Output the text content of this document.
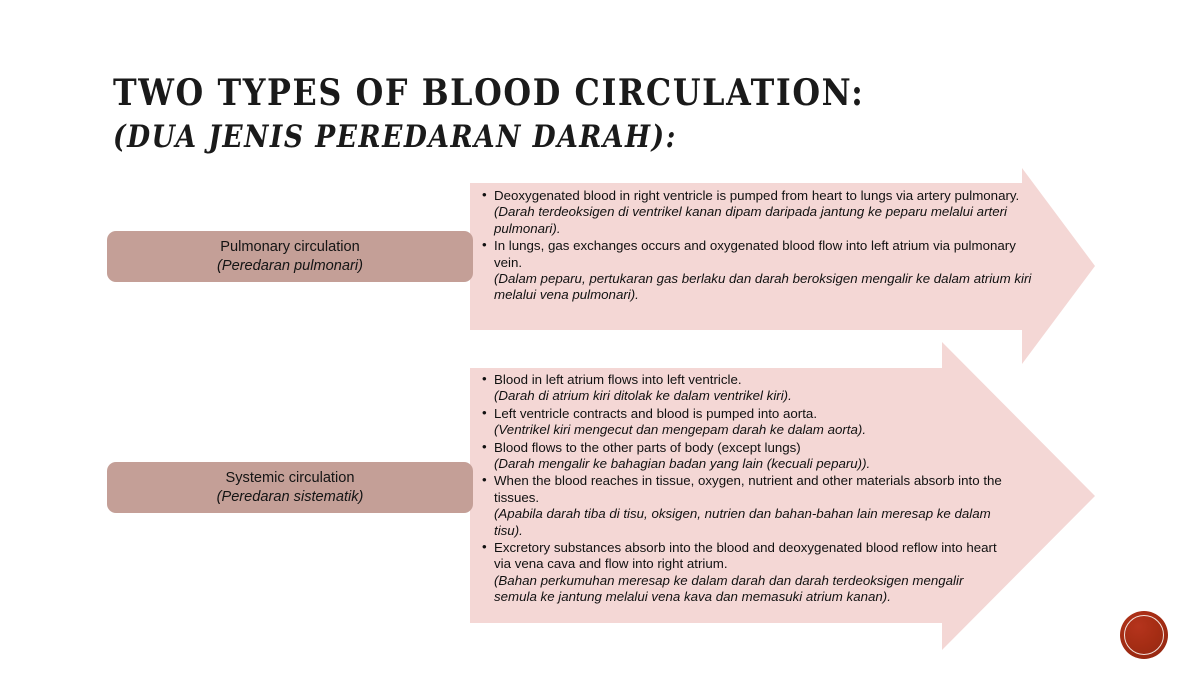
TWO TYPES OF BLOOD CIRCULATION:
(DUA JENIS PEREDARAN DARAH):
• Deoxygenated blood in right ventricle is pumped from heart to lungs via artery pulmonary.
(Darah terdeoksigen di ventrikel kanan dipam daripada jantung ke peparu melalui arteri pulmonari).
• In lungs, gas exchanges occurs and oxygenated blood flow into left atrium via pulmonary vein.
(Dalam peparu, pertukaran gas berlaku dan darah beroksigen mengalir ke dalam atrium kiri melalui vena pulmonari).
• Blood in left atrium flows into left ventricle.
(Darah di atrium kiri ditolak ke dalam ventrikel kiri).
• Left ventricle contracts and blood is pumped into aorta.
(Ventrikel kiri mengecut dan mengepam darah ke dalam aorta).
• Blood flows to the other parts of body (except lungs)
(Darah mengalir ke bahagian badan yang lain (kecuali peparu)).
• When the blood reaches in tissue, oxygen, nutrient and other materials absorb into the tissues.
(Apabila darah tiba di tisu, oksigen, nutrien dan bahan-bahan lain meresap ke dalam tisu).
• Excretory substances absorb into the blood and deoxygenated blood reflow into heart via vena cava and flow into right atrium.
(Bahan perkumuhan meresap ke dalam darah dan darah terdeoksigen mengalir semula ke jantung melalui vena kava dan memasuki atrium kanan).
Pulmonary circulation
(Peredaran pulmonari)
Systemic circulation
(Peredaran sistematik)
